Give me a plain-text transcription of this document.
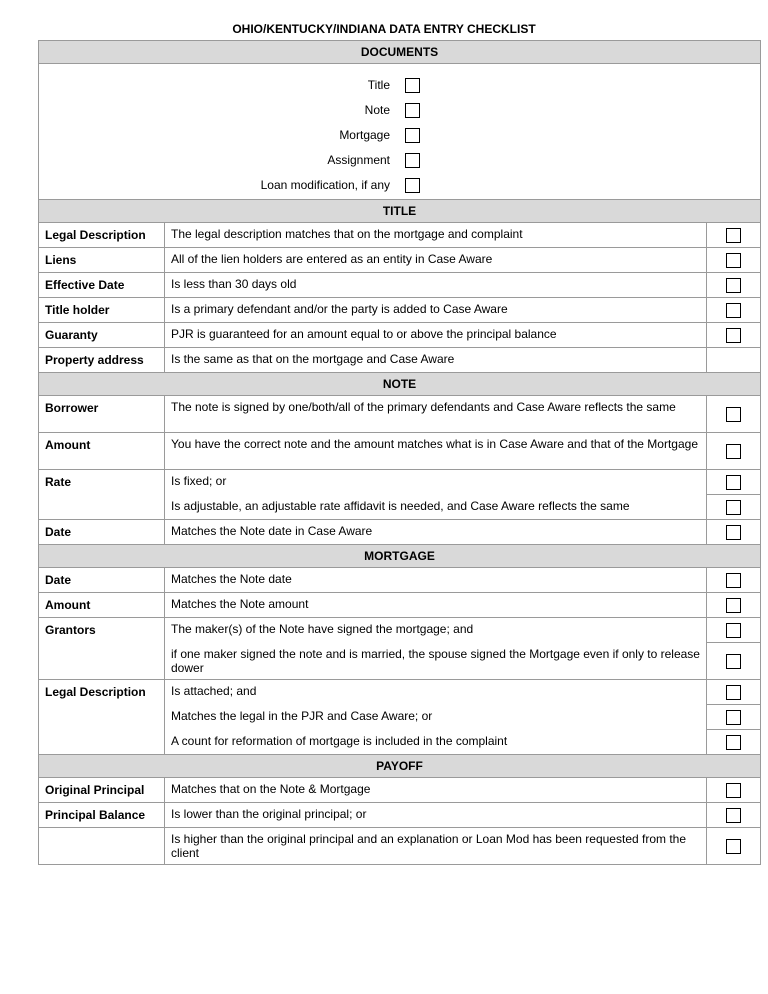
OHIO/KENTUCKY/INDIANA DATA ENTRY CHECKLIST
DOCUMENTS		

Title
Note
Mortgage
Assignment
Loan modification, if any		

TITLE		
Legal Description	The legal description matches that on the mortgage and complaint	
Liens	All of the lien holders are entered as an entity in Case Aware	
Effective Date	Is less than 30 days old	
Title holder	Is a primary defendant and/or the party is added to Case Aware	
Guaranty	PJR is guaranteed for an amount equal to or above the principal balance	
Property address	Is the same as that on the mortgage and Case Aware	
NOTE		
Borrower	The note is signed by one/both/all of the primary defendants and Case Aware reflects the same	
Amount	You have the correct note and the amount matches what is in Case Aware and that of the Mortgage	
Rate	Is fixed; or	
	Is adjustable, an adjustable rate affidavit is needed, and Case Aware reflects the same	
Date	Matches the Note date in Case Aware	
MORTGAGE		
Date	Matches the Note date	
Amount	Matches the Note amount	
Grantors	The maker(s) of the Note have signed the mortgage; and	
	if one maker signed the note and is married, the spouse signed the Mortgage even if only to release dower	
Legal Description	Is attached; and	
	Matches the legal in the PJR and Case Aware; or	
	A count for reformation of mortgage is included in the complaint	
PAYOFF		
Original Principal	Matches that on the Note & Mortgage	
Principal Balance	Is lower than the original principal; or	
	Is higher than the original principal and an explanation or Loan Mod has been requested from the client	
